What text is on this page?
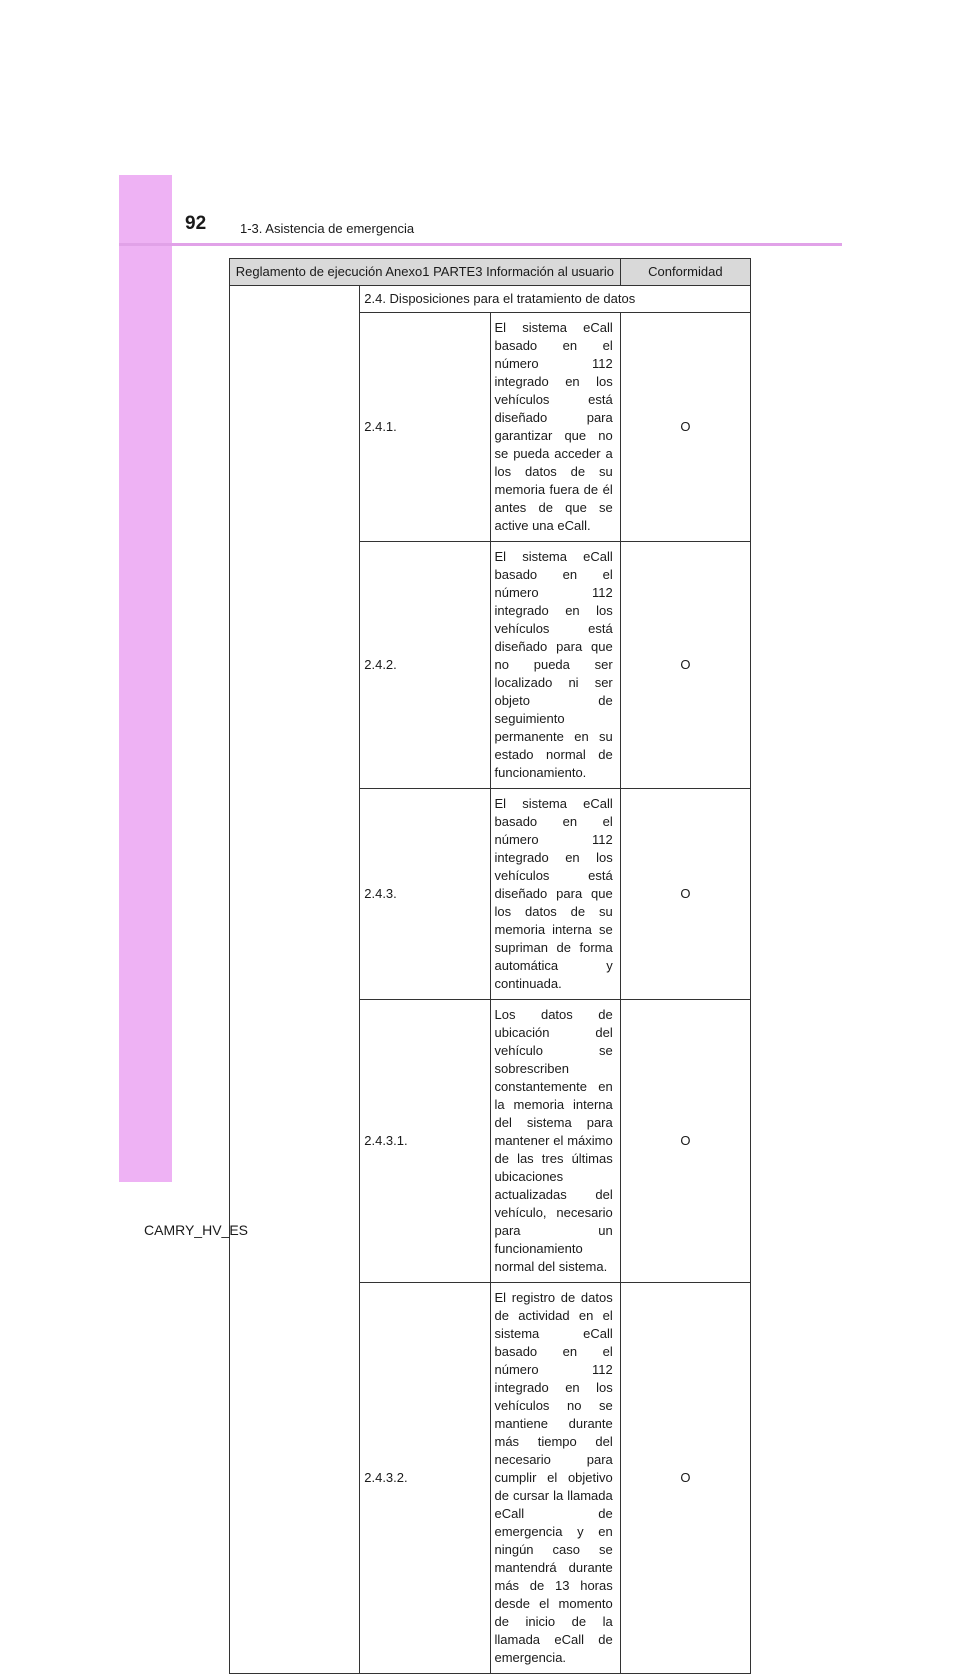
92	1-3. Asistencia de emergencia
Reglamento de ejecución Anexo1 PARTE3 Información al usuario			Conformidad
	2.4. Disposiciones para el tratamiento de datos		
	2.4.1.	El sistema eCall basado en el número 112 integrado en los vehículos está diseñado para garantizar que no se pueda acceder a los datos de su memoria fuera de él antes de que se active una eCall.	O
	2.4.2.	El sistema eCall basado en el número 112 integrado en los vehículos está diseñado para que no pueda ser localizado ni ser objeto de seguimiento permanente en su estado normal de funcionamiento.	O
	2.4.3.	El sistema eCall basado en el número 112 integrado en los vehículos está diseñado para que los datos de su memoria interna se supriman de forma automática y continuada.	O
	2.4.3.1.	Los datos de ubicación del vehículo se sobrescriben constantemente en la memoria interna del sistema para mantener el máximo de las tres últimas ubicaciones actualizadas del vehículo, necesario para un funcionamiento normal del sistema.	O
	2.4.3.2.	El registro de datos de actividad en el sistema eCall basado en el número 112 integrado en los vehículos no se mantiene durante más tiempo del necesario para cumplir el objetivo de cursar la llamada eCall de emergencia y en ningún caso se mantendrá durante más de 13 horas desde el momento de inicio de la llamada eCall de emergencia.	O
CAMRY_HV_ES
